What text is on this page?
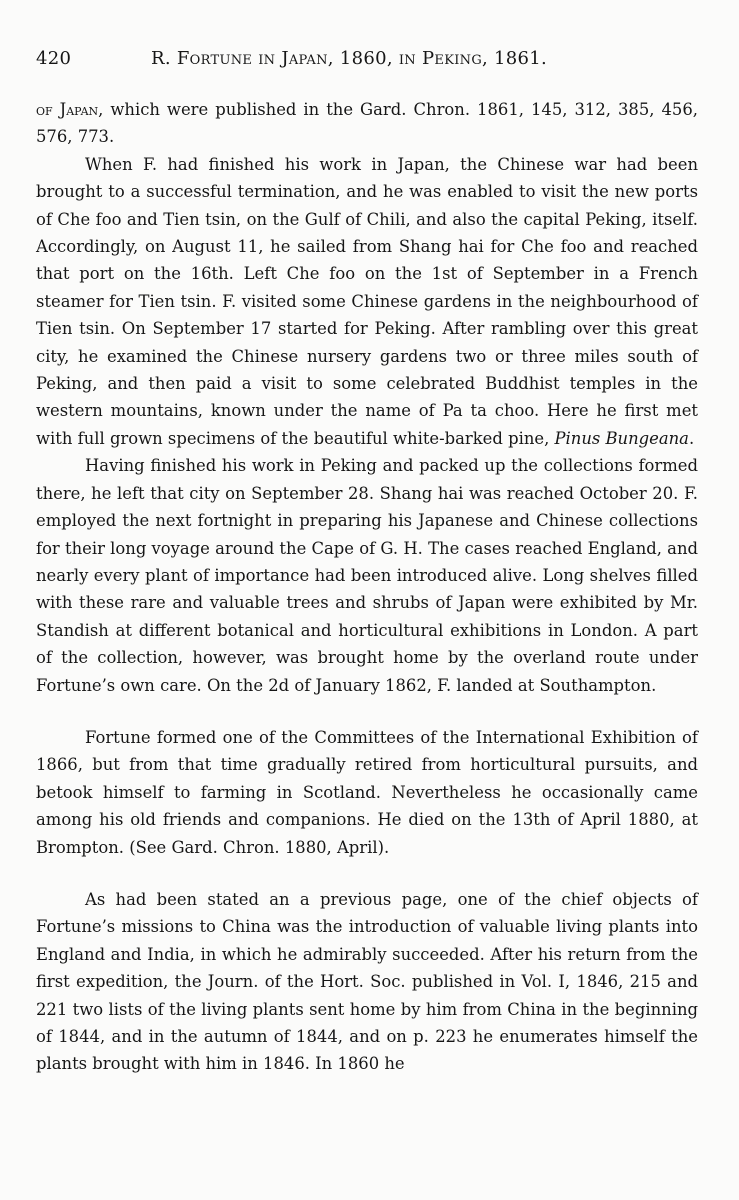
420	R. Fortune in Japan, 1860, in Peking, 1861.

of Japan, which were published in the Gard. Chron. 1861, 145, 312, 385, 456, 576, 773.

When F. had finished his work in Japan, the Chinese war had been brought to a successful termination, and he was enabled to visit the new ports of Che foo and Tien tsin, on the Gulf of Chili, and also the capital Peking, itself. Accordingly, on August 11, he sailed from Shang hai for Che foo and reached that port on the 16th. Left Che foo on the 1st of September in a French steamer for Tien tsin. F. visited some Chinese gardens in the neighbourhood of Tien tsin. On September 17 started for Peking. After rambling over this great city, he examined the Chinese nursery gardens two or three miles south of Peking, and then paid a visit to some celebrated Buddhist temples in the western mountains, known under the name of Pa ta choo. Here he first met with full grown specimens of the beautiful white-barked pine, Pinus Bungeana.

Having finished his work in Peking and packed up the collections formed there, he left that city on September 28. Shang hai was reached October 20. F. employed the next fortnight in preparing his Japanese and Chinese collections for their long voyage around the Cape of G. H. The cases reached England, and nearly every plant of importance had been introduced alive. Long shelves filled with these rare and valuable trees and shrubs of Japan were exhibited by Mr. Standish at different botanical and horticultural exhibitions in London. A part of the collection, however, was brought home by the overland route under Fortune’s own care. On the 2d of January 1862, F. landed at Southampton.

Fortune formed one of the Committees of the International Exhibition of 1866, but from that time gradually retired from horticultural pursuits, and betook himself to farming in Scotland. Nevertheless he occasionally came among his old friends and companions. He died on the 13th of April 1880, at Brompton. (See Gard. Chron. 1880, April).

As had been stated an a previous page, one of the chief objects of Fortune’s missions to China was the introduction of valuable living plants into England and India, in which he admirably succeeded. After his return from the first expedition, the Journ. of the Hort. Soc. published in Vol. I, 1846, 215 and 221 two lists of the living plants sent home by him from China in the beginning of 1844, and in the autumn of 1844, and on p. 223 he enumerates himself the plants brought with him in 1846. In 1860 he
